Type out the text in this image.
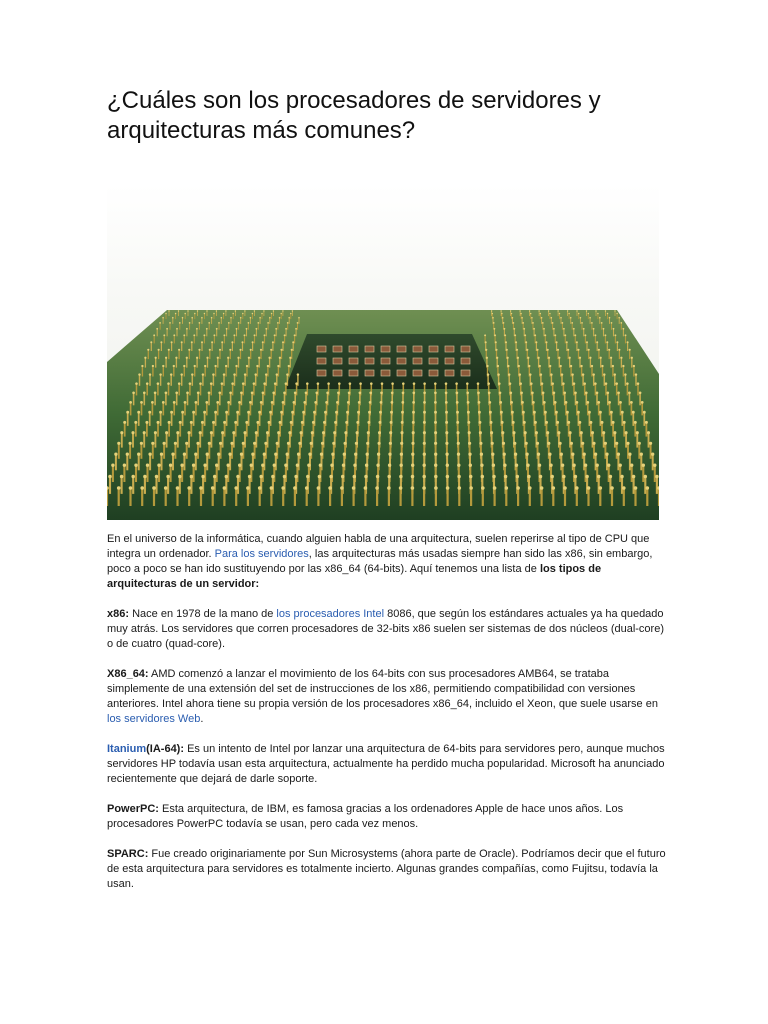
¿Cuáles son los procesadores de servidores y arquitecturas más comunes?

En el universo de la informática, cuando alguien habla de una arquitectura, suelen reperirse al tipo de CPU que integra un ordenador. Para los servidores, las arquitecturas más usadas siempre han sido las x86, sin embargo, poco a poco se han ido sustituyendo por las x86_64 (64-bits). Aquí tenemos una lista de los tipos de arquitecturas de un servidor:

x86: Nace en 1978 de la mano de los procesadores Intel 8086, que según los estándares actuales ya ha quedado muy atrás. Los servidores que corren procesadores de 32-bits x86 suelen ser sistemas de dos núcleos (dual-core) o de cuatro (quad-core).

X86_64: AMD comenzó a lanzar el movimiento de los 64-bits con sus procesadores AMB64, se trataba simplemente de una extensión del set de instrucciones de los x86, permitiendo compatibilidad con versiones anteriores. Intel ahora tiene su propia versión de los procesadores x86_64, incluido el Xeon, que suele usarse en los servidores Web.

Itanium(IA-64): Es un intento de Intel por lanzar una arquitectura de 64-bits para servidores pero, aunque muchos servidores HP todavía usan esta arquitectura, actualmente ha perdido mucha popularidad. Microsoft ha anunciado recientemente que dejará de darle soporte.

PowerPC: Esta arquitectura, de IBM, es famosa gracias a los ordenadores Apple de hace unos años. Los procesadores PowerPC todavía se usan, pero cada vez menos.

SPARC: Fue creado originariamente por Sun Microsystems (ahora parte de Oracle). Podríamos decir que el futuro de esta arquitectura para servidores es totalmente incierto. Algunas grandes compañías, como Fujitsu, todavía la usan.
